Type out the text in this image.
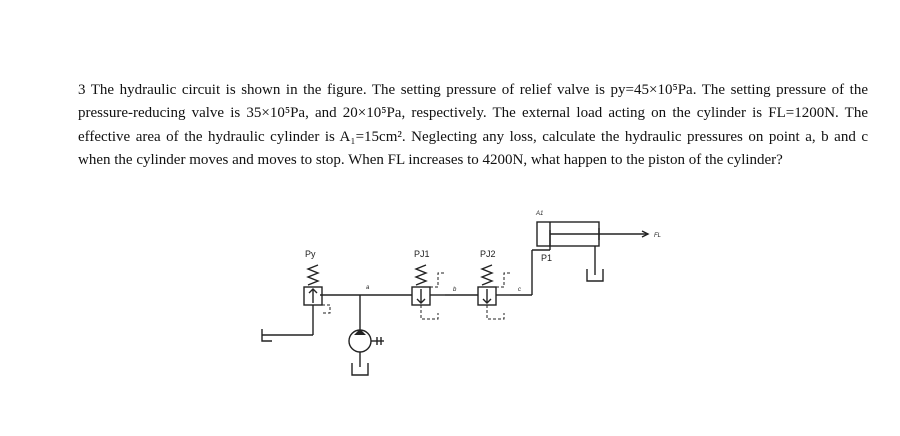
3 The hydraulic circuit is shown in the figure. The setting pressure of relief valve is py=45×10⁵Pa. The setting pressure of the pressure-reducing valve is 35×10⁵Pa, and 20×10⁵Pa, respectively. The external load acting on the cylinder is FL=1200N. The effective area of the hydraulic cylinder is A₁=15cm². Neglecting any loss, calculate the hydraulic pressures on point a, b and c when the cylinder moves and moves to stop. When FL increases to 4200N, what happen to the piston of the cylinder?

Py
a
PJ1
b
PJ2
c
A1
FL
P1
